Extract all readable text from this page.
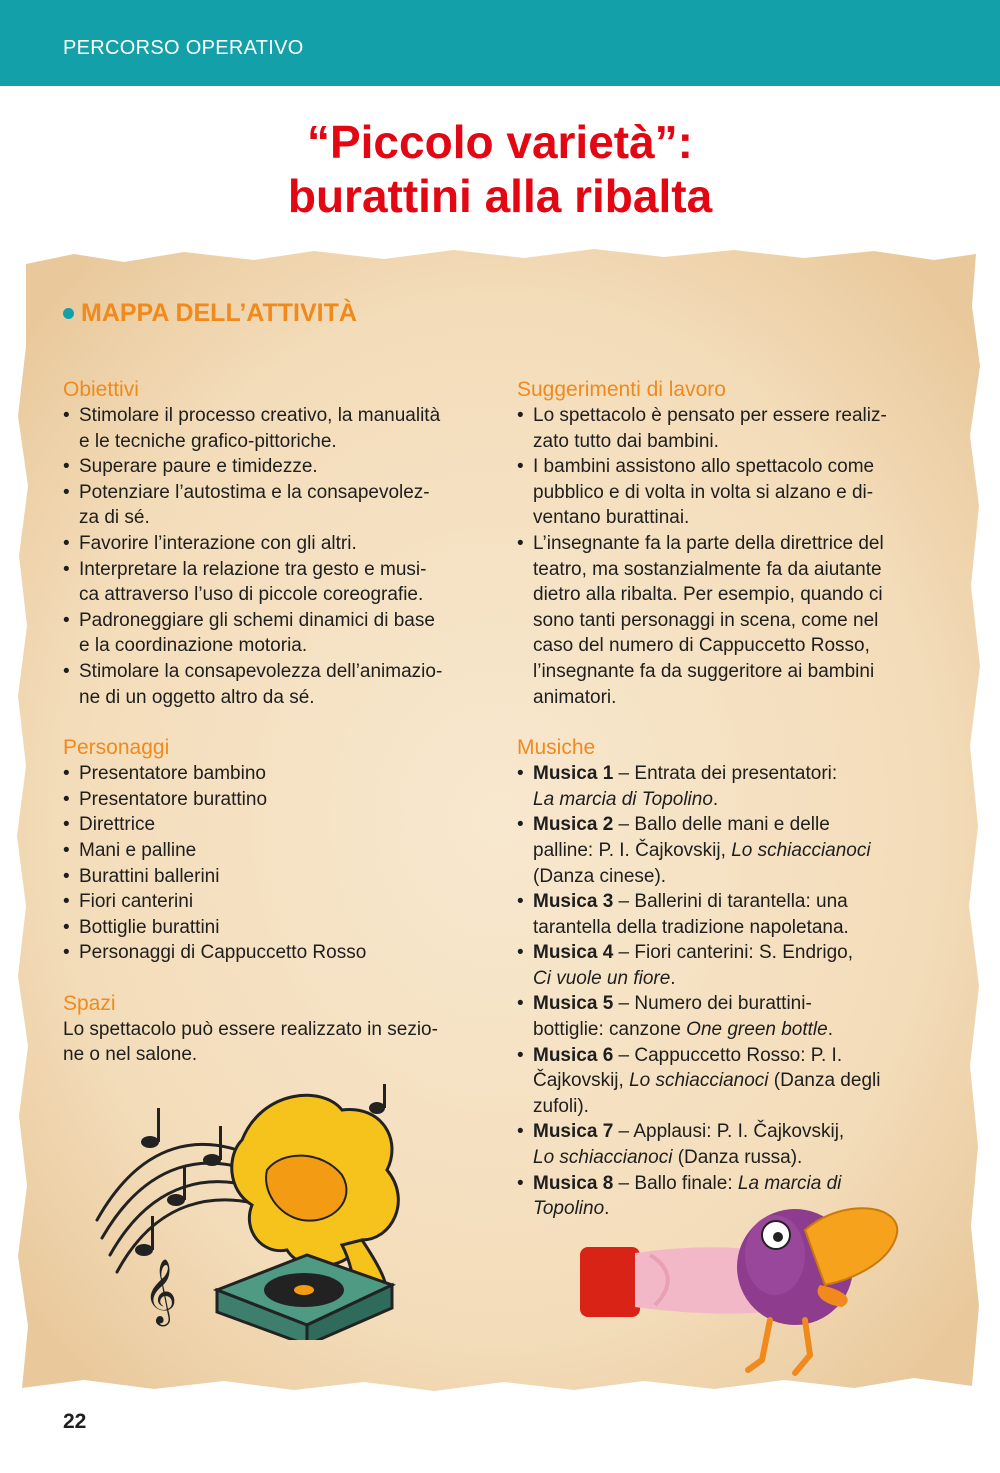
PERCORSO OPERATIVO
“Piccolo varietà”:
burattini alla ribalta
MAPPA DELL’ATTIVITÀ
Obiettivi
• Stimolare il processo creativo, la manualità
e le tecniche grafico-pittoriche.
• Superare paure e timidezze.
• Potenziare l’autostima e la consapevolez-
za di sé.
• Favorire l’interazione con gli altri.
• Interpretare la relazione tra gesto e musi-
ca attraverso l’uso di piccole coreografie.
• Padroneggiare gli schemi dinamici di base
e la coordinazione motoria.
• Stimolare la consapevolezza dell’animazio-
ne di un oggetto altro da sé.
Personaggi
• Presentatore bambino
• Presentatore burattino
• Direttrice
• Mani e palline
• Burattini ballerini
• Fiori canterini
• Bottiglie burattini
• Personaggi di Cappuccetto Rosso
Spazi

Lo spettacolo può essere realizzato in sezio-
ne o nel salone.

Suggerimenti di lavoro
• Lo spettacolo è pensato per essere realiz-
zato tutto dai bambini.
• I bambini assistono allo spettacolo come
pubblico e di volta in volta si alzano e di-
ventano burattinai.
• L’insegnante fa la parte della direttrice del
teatro, ma sostanzialmente fa da aiutante
dietro alla ribalta. Per esempio, quando ci
sono tanti personaggi in scena, come nel
caso del numero di Cappuccetto Rosso,
l’insegnante fa da suggeritore ai bambini
animatori.
Musiche
• Musica 1 – Entrata dei presentatori:
La marcia di Topolino.
• Musica 2 – Ballo delle mani e delle
palline: P. I. Čajkovskij, Lo schiaccianoci
(Danza cinese).
• Musica 3 – Ballerini di tarantella: una
tarantella della tradizione napoletana.
• Musica 4 – Fiori canterini: S. Endrigo,
Ci vuole un fiore.
• Musica 5 – Numero dei burattini-
bottiglie: canzone One green bottle.
• Musica 6 – Cappuccetto Rosso: P. I.
Čajkovskij, Lo schiaccianoci (Danza degli
zufoli).
• Musica 7 – Applausi: P. I. Čajkovskij,
Lo schiaccianoci (Danza russa).
• Musica 8 – Ballo finale: La marcia di
Topolino.
𝄞
22
